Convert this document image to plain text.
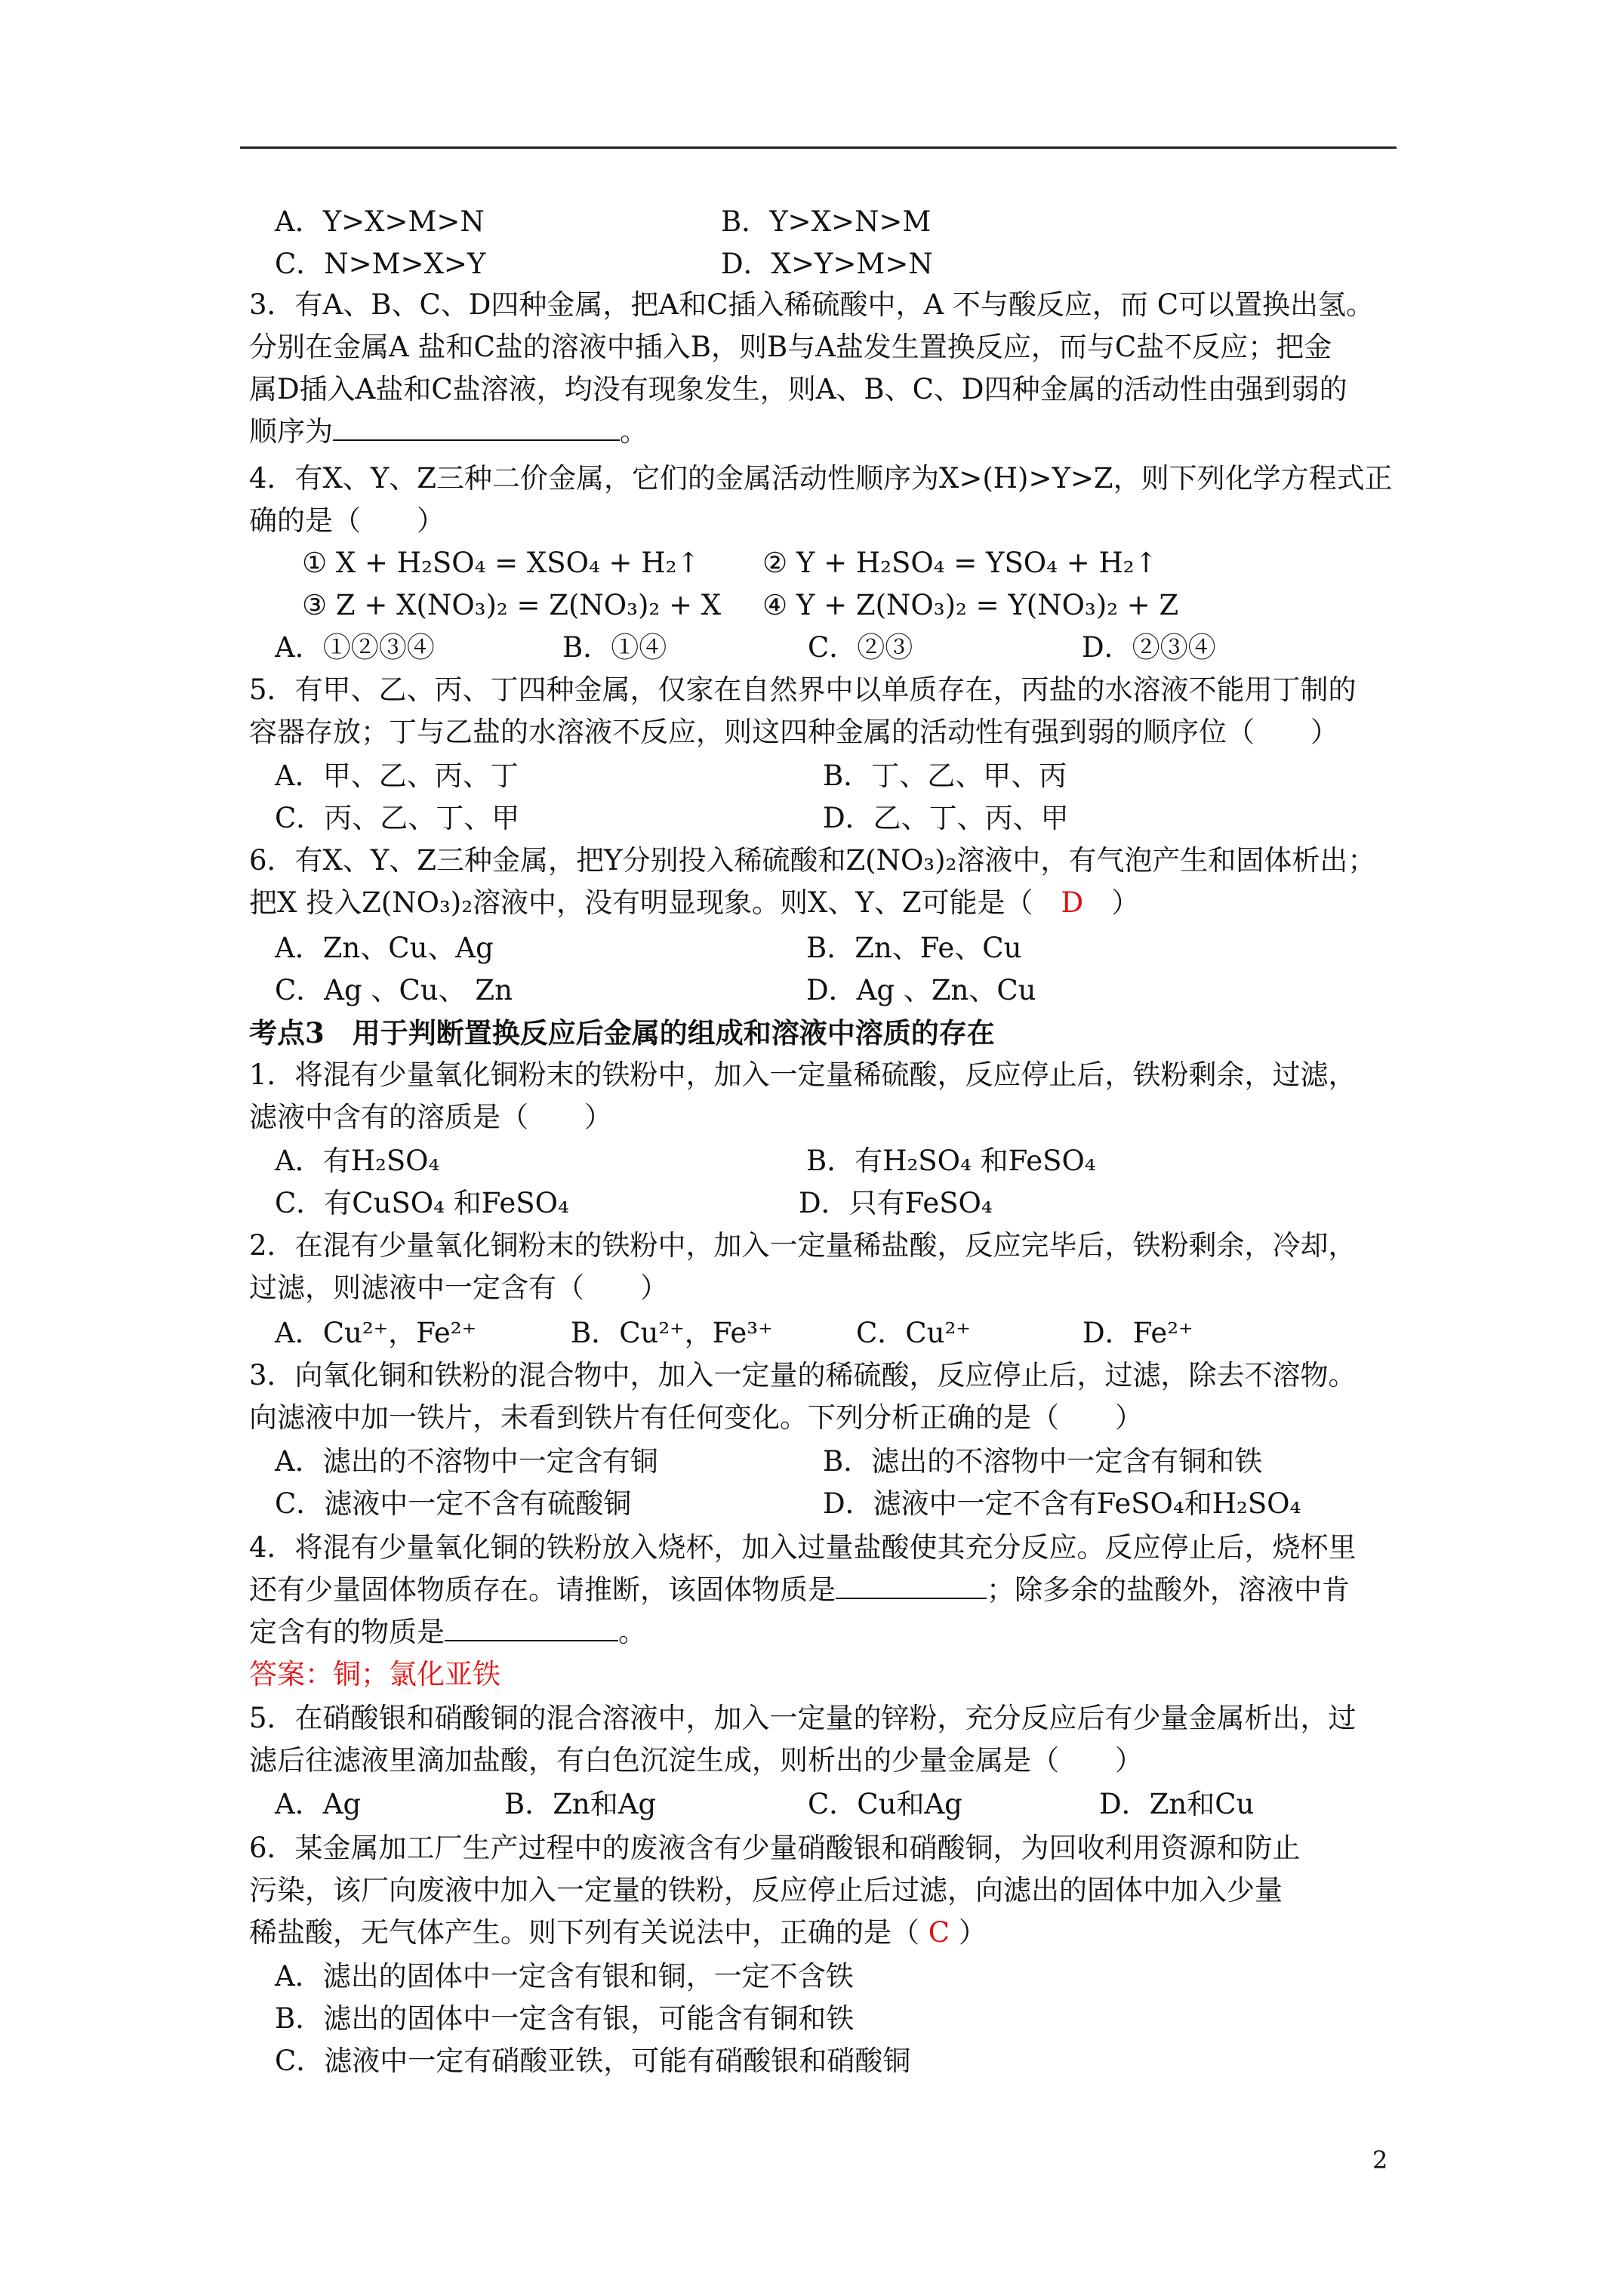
A．Y>X>M>N	B．Y>X>N>M
C．N>M>X>Y	D．X>Y>M>N
3．有A、B、C、D四种金属，把A和C插入稀硫酸中，A 不与酸反应，而 C可以置换出氢。
分别在金属A 盐和C盐的溶液中插入B，则B与A盐发生置换反应，而与C盐不反应；把金
属D插入A盐和C盐溶液，均没有现象发生，则A、B、C、D四种金属的活动性由强到弱的
顺序为	。
4．有X、Y、Z三种二价金属，它们的金属活动性顺序为X>(H)>Y>Z，则下列化学方程式正
确的是（　　）
① X + H₂SO₄ = XSO₄ + H₂↑ ② Y + H₂SO₄ = YSO₄ + H₂↑
③ Z + X(NO₃)₂ = Z(NO₃)₂ + X ④ Y + Z(NO₃)₂ = Y(NO₃)₂ + Z
A．①②③④	B．①④	C．②③	D．②③④
5．有甲、乙、丙、丁四种金属，仅家在自然界中以单质存在，丙盐的水溶液不能用丁制的
容器存放；丁与乙盐的水溶液不反应，则这四种金属的活动性有强到弱的顺序位（　　）
A．甲、乙、丙、丁	B．丁、乙、甲、丙
C．丙、乙、丁、甲	D．乙、丁、丙、甲
6．有X、Y、Z三种金属，把Y分别投入稀硫酸和Z(NO₃)₂溶液中，有气泡产生和固体析出；
把X 投入Z(NO₃)₂溶液中，没有明显现象。则X、Y、Z可能是（　D　）
A．Zn、Cu、Ag	B．Zn、Fe、Cu
C．Ag 、Cu、 Zn	D．Ag 、Zn、Cu
考点3　用于判断置换反应后金属的组成和溶液中溶质的存在
1．将混有少量氧化铜粉末的铁粉中，加入一定量稀硫酸，反应停止后，铁粉剩余，过滤，
滤液中含有的溶质是（　　）
A．有H₂SO₄	B．有H₂SO₄ 和FeSO₄
C．有CuSO₄ 和FeSO₄	D．只有FeSO₄
2．在混有少量氧化铜粉末的铁粉中，加入一定量稀盐酸，反应完毕后，铁粉剩余，冷却，
过滤，则滤液中一定含有（　　）
A．Cu²⁺，Fe²⁺	B．Cu²⁺，Fe³⁺	C．Cu²⁺	D．Fe²⁺
3．向氧化铜和铁粉的混合物中，加入一定量的稀硫酸，反应停止后，过滤，除去不溶物。
向滤液中加一铁片，未看到铁片有任何变化。下列分析正确的是（　　）
A．滤出的不溶物中一定含有铜	B．滤出的不溶物中一定含有铜和铁
C．滤液中一定不含有硫酸铜	D．滤液中一定不含有FeSO₄和H₂SO₄
4．将混有少量氧化铜的铁粉放入烧杯，加入过量盐酸使其充分反应。反应停止后，烧杯里
还有少量固体物质存在。请推断，该固体物质是	；除多余的盐酸外，溶液中肯
定含有的物质是	。
答案：铜；氯化亚铁
5．在硝酸银和硝酸铜的混合溶液中，加入一定量的锌粉，充分反应后有少量金属析出，过
滤后往滤液里滴加盐酸，有白色沉淀生成，则析出的少量金属是（　　）
A．Ag	B．Zn和Ag	C．Cu和Ag	D．Zn和Cu
6．某金属加工厂生产过程中的废液含有少量硝酸银和硝酸铜，为回收利用资源和防止
污染，该厂向废液中加入一定量的铁粉，反应停止后过滤，向滤出的固体中加入少量
稀盐酸，无气体产生。则下列有关说法中，正确的是（ C ）
A．滤出的固体中一定含有银和铜，一定不含铁
B．滤出的固体中一定含有银，可能含有铜和铁
C．滤液中一定有硝酸亚铁，可能有硝酸银和硝酸铜
2
